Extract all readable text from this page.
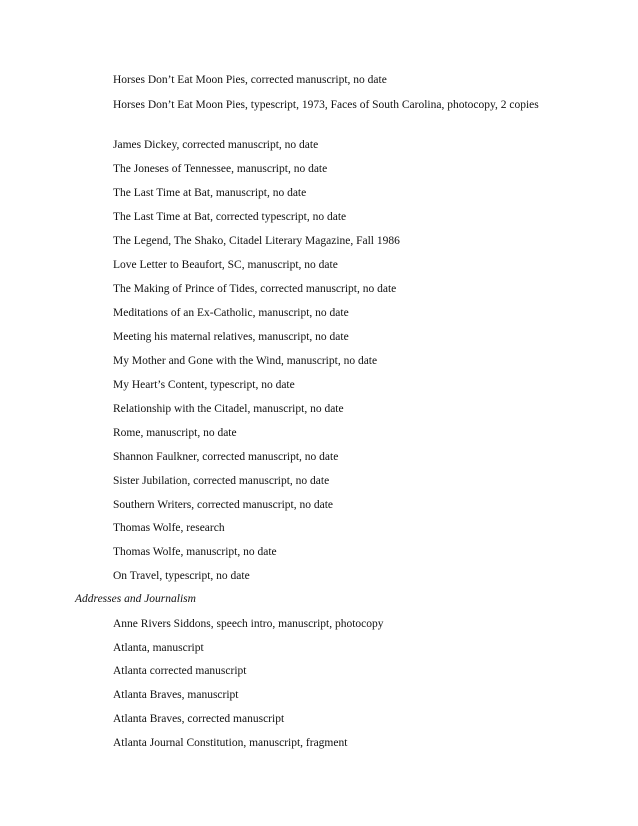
Horses Don’t Eat Moon Pies, corrected manuscript, no date

Horses Don’t Eat Moon Pies, typescript, 1973, Faces of South Carolina, photocopy, 2 copies

James Dickey, corrected manuscript, no date

The Joneses of Tennessee, manuscript, no date

The Last Time at Bat, manuscript, no date

The Last Time at Bat, corrected typescript, no date

The Legend, The Shako, Citadel Literary Magazine, Fall 1986

Love Letter to Beaufort, SC, manuscript, no date

The Making of Prince of Tides, corrected manuscript, no date

Meditations of an Ex-Catholic, manuscript, no date

Meeting his maternal relatives, manuscript, no date

My Mother and Gone with the Wind, manuscript, no date

My Heart’s Content, typescript, no date

Relationship with the Citadel, manuscript, no date

Rome, manuscript, no date

Shannon Faulkner, corrected manuscript, no date

Sister Jubilation, corrected manuscript, no date

Southern Writers, corrected manuscript, no date

Thomas Wolfe, research

Thomas Wolfe, manuscript, no date

On Travel, typescript, no date

Addresses and Journalism

Anne Rivers Siddons, speech intro, manuscript, photocopy

Atlanta, manuscript

Atlanta corrected manuscript

Atlanta Braves, manuscript

Atlanta Braves, corrected manuscript

Atlanta Journal Constitution, manuscript, fragment
